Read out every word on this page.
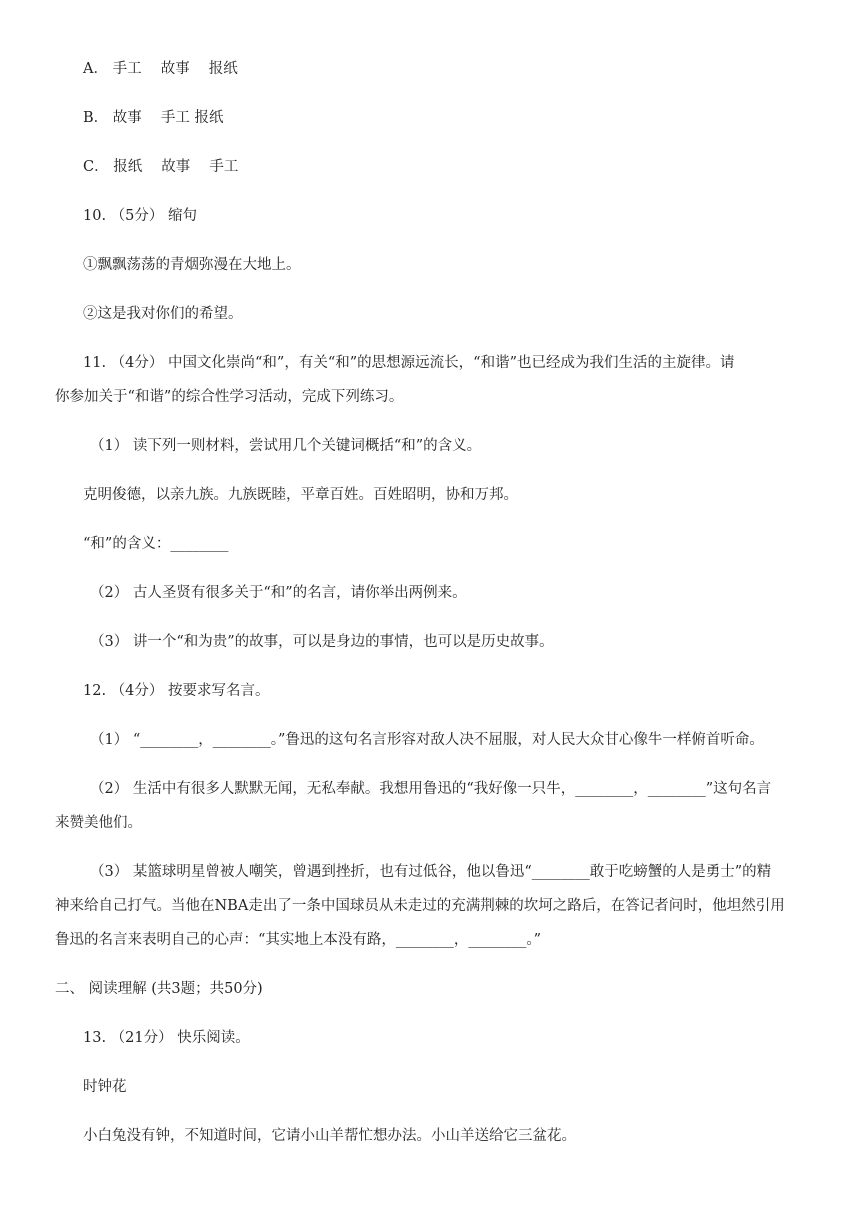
A． 手工　 故事　 报纸
B． 故事　 手工 报纸
C． 报纸　 故事　 手工
10. （5分） 缩句
①飘飘荡荡的青烟弥漫在大地上。
②这是我对你们的希望。
11. （4分） 中国文化崇尚“和”，有关“和”的思想源远流长，“和谐”也已经成为我们生活的主旋律。请
你参加关于“和谐”的综合性学习活动，完成下列练习。
（1） 读下列一则材料，尝试用几个关键词概括“和”的含义。
克明俊德，以亲九族。九族既睦，平章百姓。百姓昭明，协和万邦。
“和”的含义：________
（2） 古人圣贤有很多关于“和”的名言，请你举出两例来。
（3） 讲一个“和为贵”的故事，可以是身边的事情，也可以是历史故事。
12. （4分） 按要求写名言。
（1） “________，________。”鲁迅的这句名言形容对敌人决不屈服，对人民大众甘心像牛一样俯首听命。
（2） 生活中有很多人默默无闻，无私奉献。我想用鲁迅的“我好像一只牛，________，________”这句名言
来赞美他们。
（3） 某篮球明星曾被人嘲笑，曾遇到挫折，也有过低谷，他以鲁迅“________敢于吃螃蟹的人是勇士”的精
神来给自己打气。当他在NBA走出了一条中国球员从未走过的充满荆棘的坎坷之路后，在答记者问时，他坦然引用
鲁迅的名言来表明自己的心声：“其实地上本没有路，________，________。”
二、 阅读理解 (共3题；共50分)
13. （21分） 快乐阅读。
时钟花
小白兔没有钟，不知道时间，它请小山羊帮忙想办法。小山羊送给它三盆花。
